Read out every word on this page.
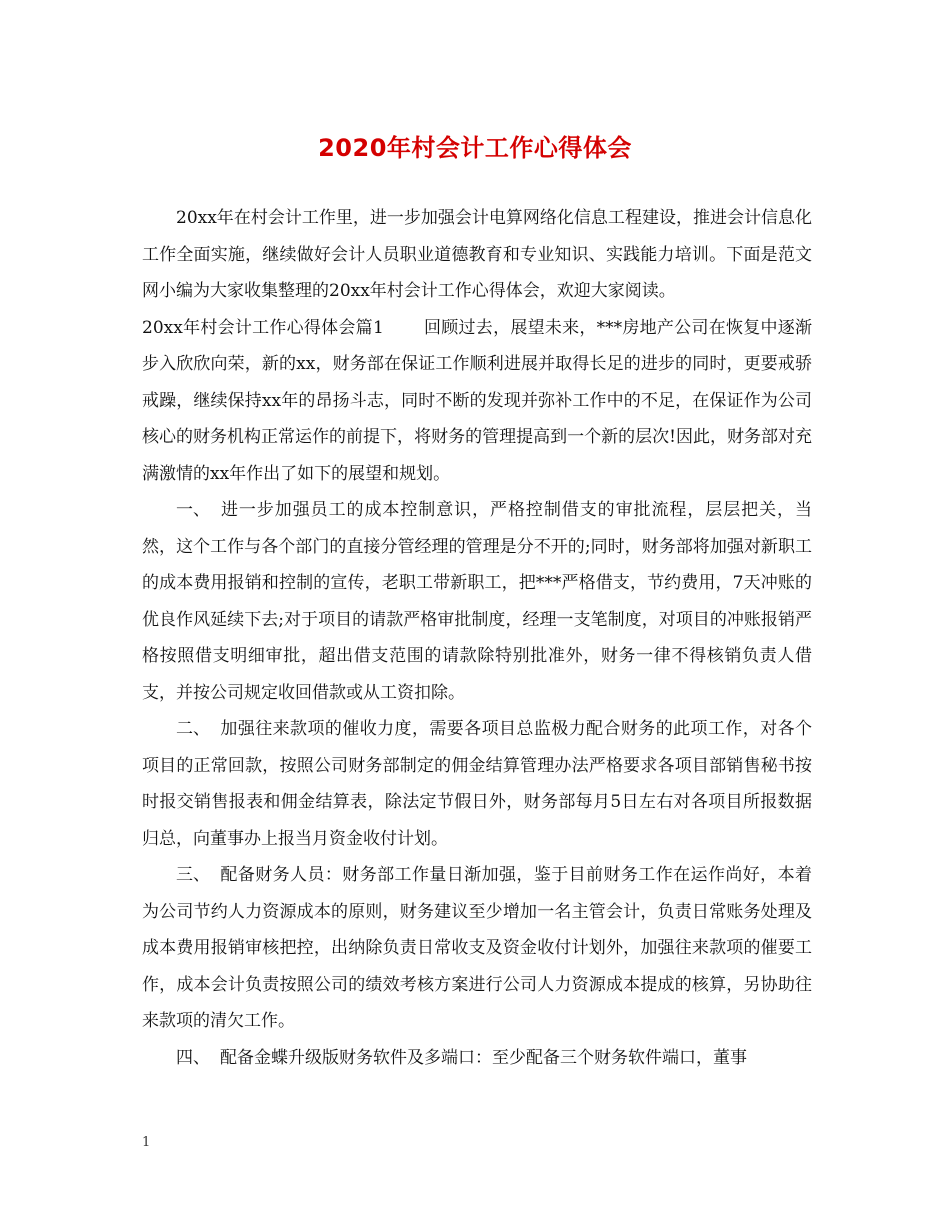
2020年村会计工作心得体会

20xx年在村会计工作里，进一步加强会计电算网络化信息工程建设，推进会计信息化工作全面实施，继续做好会计人员职业道德教育和专业知识、实践能力培训。下面是范文网小编为大家收集整理的20xx年村会计工作心得体会，欢迎大家阅读。

20xx年村会计工作心得体会篇1 回顾过去，展望未来，***房地产公司在恢复中逐渐步入欣欣向荣，新的xx，财务部在保证工作顺利进展并取得长足的进步的同时，更要戒骄戒躁，继续保持xx年的昂扬斗志，同时不断的发现并弥补工作中的不足，在保证作为公司核心的财务机构正常运作的前提下，将财务的管理提高到一个新的层次!因此，财务部对充满激情的xx年作出了如下的展望和规划。

一、 进一步加强员工的成本控制意识，严格控制借支的审批流程，层层把关，当然，这个工作与各个部门的直接分管经理的管理是分不开的;同时，财务部将加强对新职工的成本费用报销和控制的宣传，老职工带新职工，把***严格借支，节约费用，7天冲账的优良作风延续下去;对于项目的请款严格审批制度，经理一支笔制度，对项目的冲账报销严格按照借支明细审批，超出借支范围的请款除特别批准外，财务一律不得核销负责人借支，并按公司规定收回借款或从工资扣除。

二、 加强往来款项的催收力度，需要各项目总监极力配合财务的此项工作，对各个项目的正常回款，按照公司财务部制定的佣金结算管理办法严格要求各项目部销售秘书按时报交销售报表和佣金结算表，除法定节假日外，财务部每月5日左右对各项目所报数据归总，向董事办上报当月资金收付计划。

三、 配备财务人员：财务部工作量日渐加强，鉴于目前财务工作在运作尚好，本着为公司节约人力资源成本的原则，财务建议至少增加一名主管会计，负责日常账务处理及成本费用报销审核把控，出纳除负责日常收支及资金收付计划外，加强往来款项的催要工作，成本会计负责按照公司的绩效考核方案进行公司人力资源成本提成的核算，另协助往来款项的清欠工作。

四、 配备金蝶升级版财务软件及多端口：至少配备三个财务软件端口，董事

1
